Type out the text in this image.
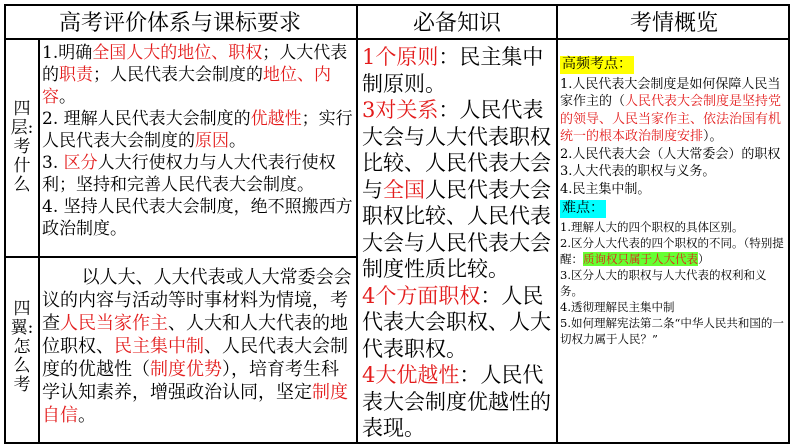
高考评价体系与课标要求	必备知识	考情概览
四
层:
考
什
么

1.明确全国人大的地位、职权；人大代表的职责；人民代表大会制度的地位、内容。

2. 理解人民代表大会制度的优越性；实行人民代表大会制度的原因。

3. 区分人大行使权力与人大代表行使权利；坚持和完善人民代表大会制度。

4. 坚持人民代表大会制度，绝不照搬西方政治制度。

四
翼:
怎
么
考

以人大、人大代表或人大常委会会议的内容与活动等时事材料为情境，考查人民当家作主、人大和人大代表的地位职权、民主集中制、人民代表大会制度的优越性（制度优势），培育考生科学认知素养，增强政治认同，坚定制度自信。

1个原则：民主集中制原则。

3对关系：人民代表大会与人大代表职权比较、人民代表大会与全国人民代表大会职权比较、人民代表大会与人民代表大会制度性质比较。

4个方面职权：人民代表大会职权、人大代表职权。

4大优越性：人民代表大会制度优越性的表现。

高频考点：

1.人民代表大会制度是如何保障人民当家作主的（人民代表大会制度是坚持党的领导、人民当家作主、依法治国有机统一的根本政治制度安排）。

2.人民代表大会（人大常委会）的职权

3.人大代表的职权与义务。

4.民主集中制。

难点：

1.理解人大的四个职权的具体区别。

2.区分人大代表的四个职权的不同。（特别提醒：质询权只属于人大代表）

3.区分人大的职权与人大代表的权利和义务。

4.透彻理解民主集中制

5.如何理解宪法第二条“中华人民共和国的一切权力属于人民？”
